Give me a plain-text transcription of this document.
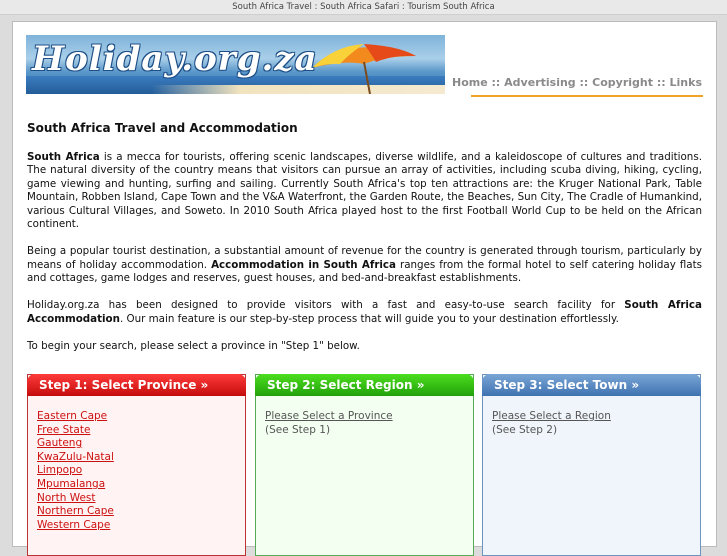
South Africa Travel : South Africa Safari : Tourism South Africa
Holiday.org.za
Home :: Advertising :: Copyright :: Links
South Africa Travel and Accommodation

South Africa is a mecca for tourists, offering scenic landscapes, diverse wildlife, and a kaleidoscope of cultures and traditions. The natural diversity of the country means that visitors can pursue an array of activities, including scuba diving, hiking, cycling, game viewing and hunting, surfing and sailing. Currently South Africa's top ten attractions are: the Kruger National Park, Table Mountain, Robben Island, Cape Town and the V&A Waterfront, the Garden Route, the Beaches, Sun City, The Cradle of Humankind, various Cultural Villages, and Soweto. In 2010 South Africa played host to the first Football World Cup to be held on the African continent.

Being a popular tourist destination, a substantial amount of revenue for the country is generated through tourism, particularly by means of holiday accommodation. Accommodation in South Africa ranges from the formal hotel to self catering holiday flats and cottages, game lodges and reserves, guest houses, and bed-and-breakfast establishments.

Holiday.org.za has been designed to provide visitors with a fast and easy-to-use search facility for South Africa Accommodation. Our main feature is our step-by-step process that will guide you to your destination effortlessly.

To begin your search, please select a province in "Step 1" below.

Step 1: Select Province »
Eastern Cape
Free State
Gauteng
KwaZulu-Natal
Limpopo
Mpumalanga
North West
Northern Cape
Western Cape
Step 2: Select Region »
Please Select a Province
(See Step 1)
Step 3: Select Town »
Please Select a Region
(See Step 2)
